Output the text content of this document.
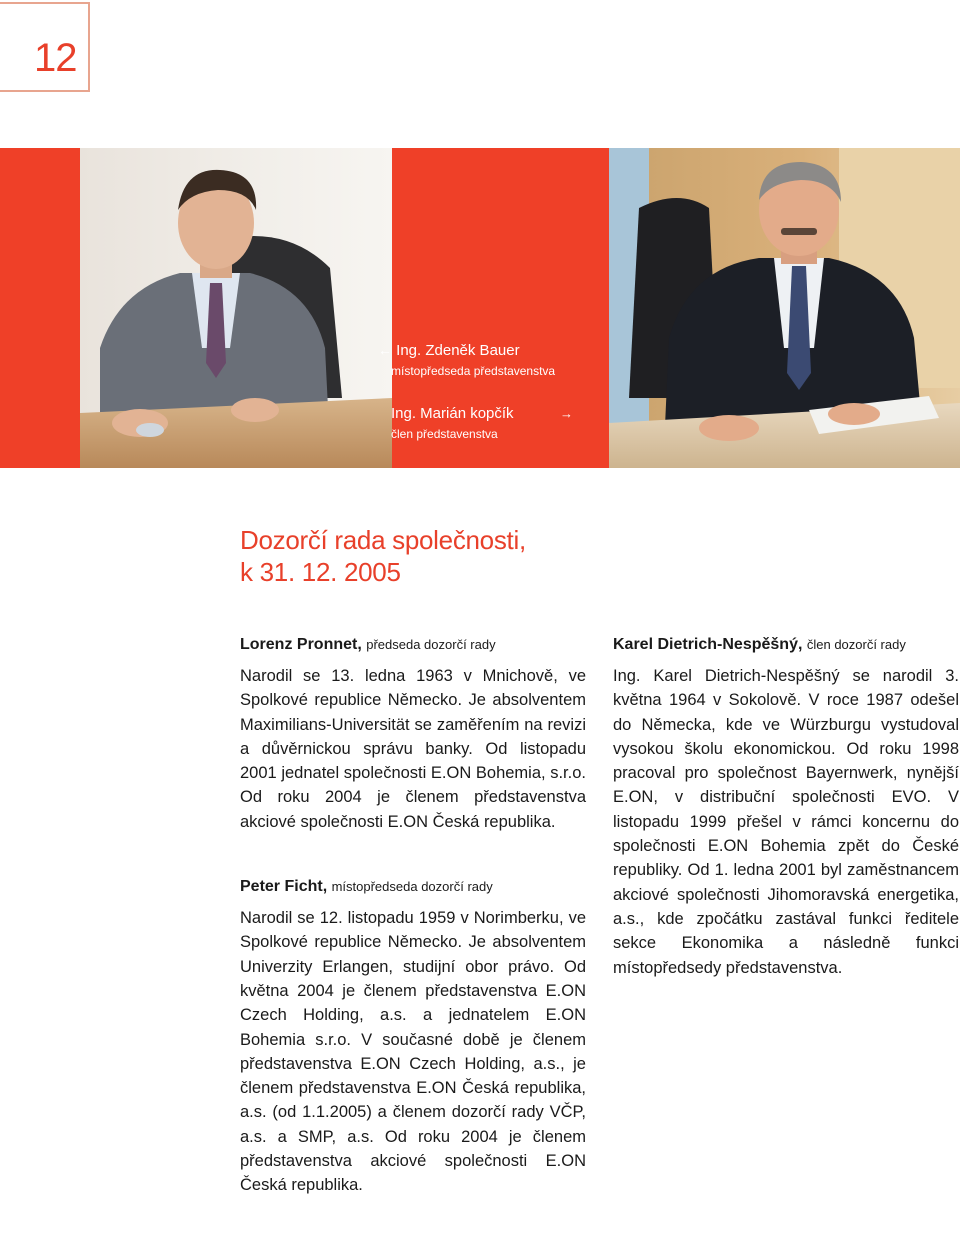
12
← Ing. Zdeněk Bauer
místopředseda představenstva
Ing. Marián kopčík
člen představenstva
→
Dozorčí rada společnosti,
k 31. 12. 2005
Lorenz Pronnet, předseda dozorčí rady

Narodil se 13. ledna 1963 v Mnichově, ve Spolkové republice Německo. Je absolventem Maximilians-Universität se zaměřením na revizi a důvěrnickou správu banky. Od listopadu 2001 jednatel společnosti E.ON Bohemia, s.r.o. Od roku 2004 je členem představenstva akciové společnosti E.ON Česká republika.

Peter Ficht, místopředseda dozorčí rady

Narodil se 12. listopadu 1959 v Norimberku, ve Spolkové republice Německo. Je absolventem Univerzity Erlangen, studijní obor právo. Od května 2004 je členem představenstva E.ON Czech Holding, a.s. a jednatelem E.ON Bohemia s.r.o. V současné době je členem představenstva E.ON Czech Holding, a.s., je členem představenstva E.ON Česká republika, a.s. (od 1.1.2005) a členem dozorčí rady VČP, a.s. a SMP, a.s. Od roku 2004 je členem představenstva akciové společnosti E.ON Česká republika.

Karel Dietrich-Nespěšný, člen dozorčí rady

Ing. Karel Dietrich-Nespěšný se narodil 3. května 1964 v Sokolově. V roce 1987 odešel do Německa, kde ve Würzburgu vystudoval vysokou školu ekonomickou. Od roku 1998 pracoval pro společnost Bayernwerk, nynější E.ON, v distribuční společnosti EVO. V listopadu 1999 přešel v rámci koncernu do společnosti E.ON Bohemia zpět do České republiky. Od 1. ledna 2001 byl zaměstnancem akciové společnosti Jihomoravská energetika, a.s., kde zpočátku zastával funkci ředitele sekce Ekonomika a následně funkci místopředsedy představenstva.
